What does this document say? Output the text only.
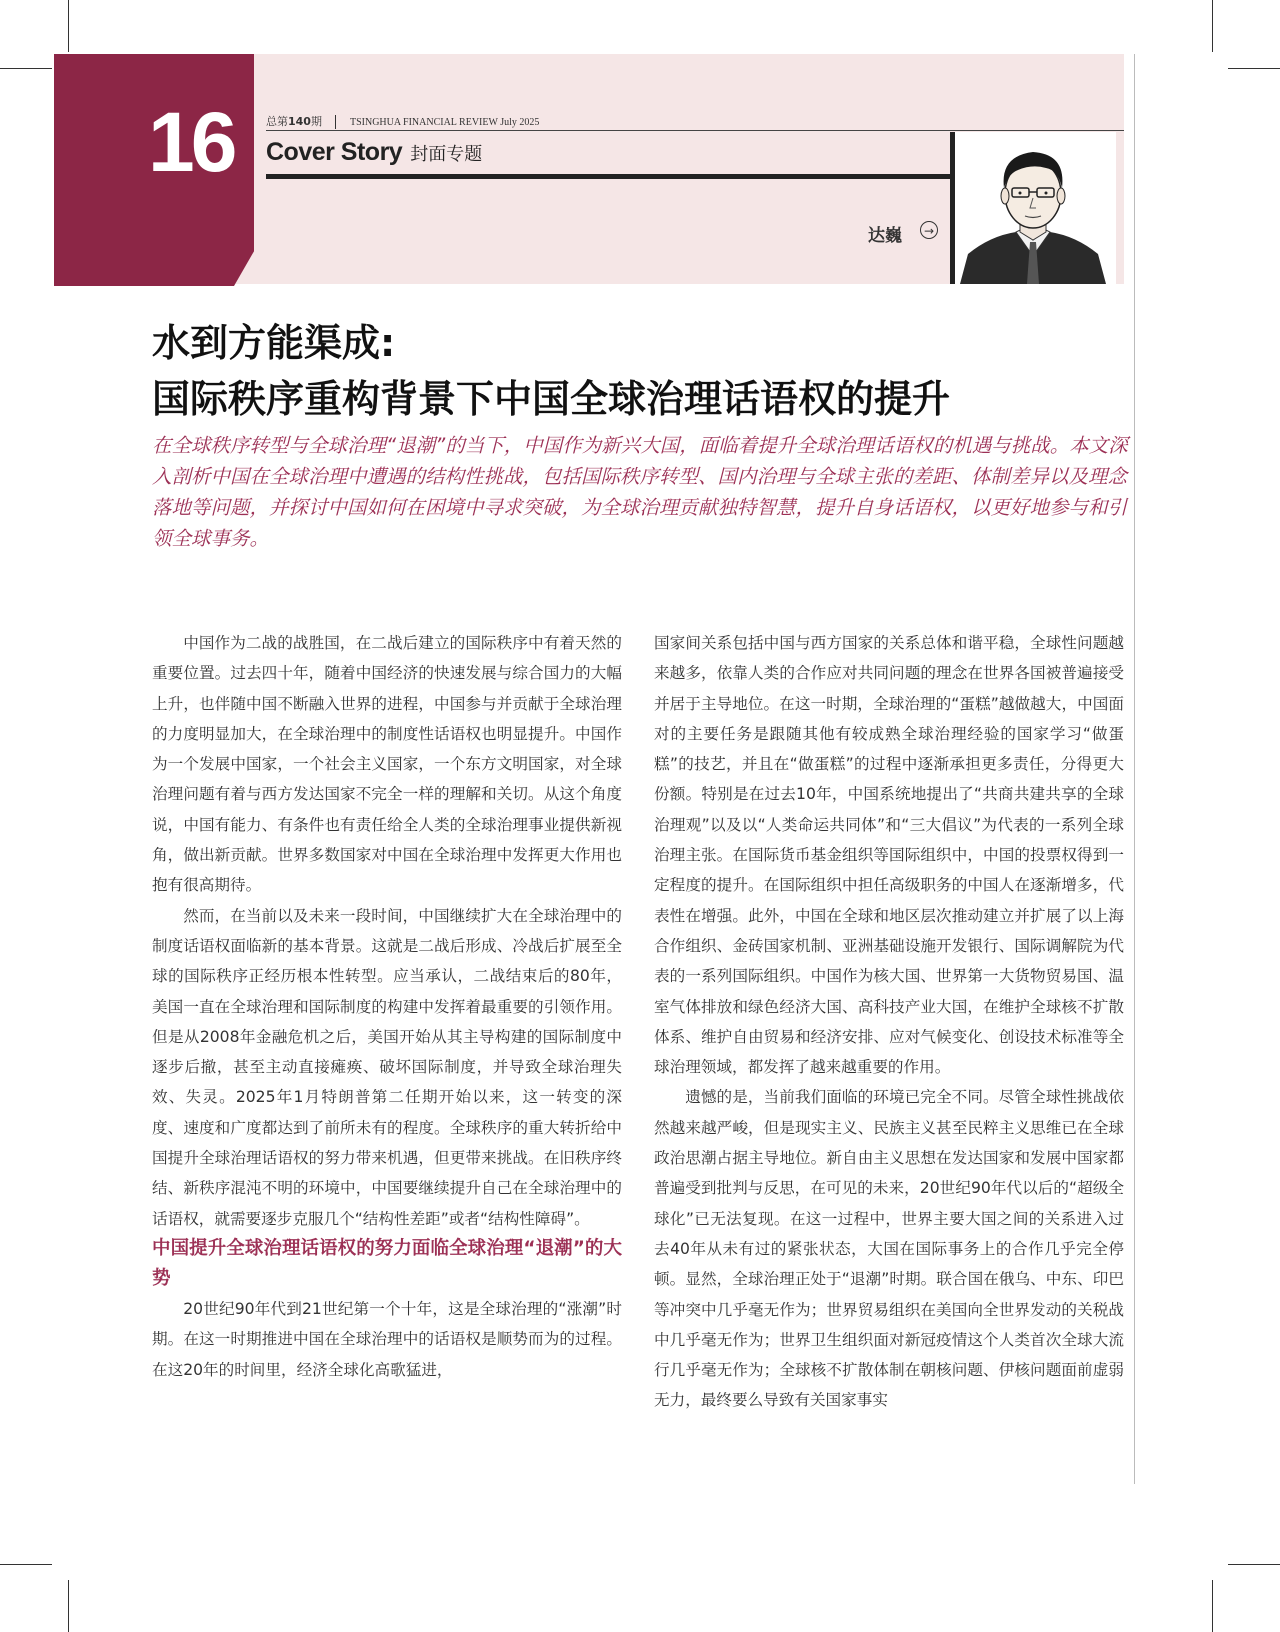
16	总第140期	TSINGHUA FINANCIAL REVIEW July 2025
Cover Story 封面专题
达巍	→
水到方能渠成:
国际秩序重构背景下中国全球治理话语权的提升
在全球秩序转型与全球治理“退潮”的当下，中国作为新兴大国，面临着提升全球治理话语权的机遇与挑战。本文深入剖析中国在全球治理中遭遇的结构性挑战，包括国际秩序转型、国内治理与全球主张的差距、体制差异以及理念落地等问题，并探讨中国如何在困境中寻求突破，为全球治理贡献独特智慧，提升自身话语权，以更好地参与和引领全球事务。

中国作为二战的战胜国，在二战后建立的国际秩序中有着天然的重要位置。过去四十年，随着中国经济的快速发展与综合国力的大幅上升，也伴随中国不断融入世界的进程，中国参与并贡献于全球治理的力度明显加大，在全球治理中的制度性话语权也明显提升。中国作为一个发展中国家，一个社会主义国家，一个东方文明国家，对全球治理问题有着与西方发达国家不完全一样的理解和关切。从这个角度说，中国有能力、有条件也有责任给全人类的全球治理事业提供新视角，做出新贡献。世界多数国家对中国在全球治理中发挥更大作用也抱有很高期待。

然而，在当前以及未来一段时间，中国继续扩大在全球治理中的制度话语权面临新的基本背景。这就是二战后形成、冷战后扩展至全球的国际秩序正经历根本性转型。应当承认，二战结束后的80年，美国一直在全球治理和国际制度的构建中发挥着最重要的引领作用。但是从2008年金融危机之后，美国开始从其主导构建的国际制度中逐步后撤，甚至主动直接瘫痪、破坏国际制度，并导致全球治理失效、失灵。2025年1月特朗普第二任期开始以来，这一转变的深度、速度和广度都达到了前所未有的程度。全球秩序的重大转折给中国提升全球治理话语权的努力带来机遇，但更带来挑战。在旧秩序终结、新秩序混沌不明的环境中，中国要继续提升自己在全球治理中的话语权，就需要逐步克服几个“结构性差距”或者“结构性障碍”。

中国提升全球治理话语权的努力面临全球治理“退潮”的大势

20世纪90年代到21世纪第一个十年，这是全球治理的“涨潮”时期。在这一时期推进中国在全球治理中的话语权是顺势而为的过程。在这20年的时间里，经济全球化高歌猛进，

国家间关系包括中国与西方国家的关系总体和谐平稳，全球性问题越来越多，依靠人类的合作应对共同问题的理念在世界各国被普遍接受并居于主导地位。在这一时期，全球治理的“蛋糕”越做越大，中国面对的主要任务是跟随其他有较成熟全球治理经验的国家学习“做蛋糕”的技艺，并且在“做蛋糕”的过程中逐渐承担更多责任，分得更大份额。特别是在过去10年，中国系统地提出了“共商共建共享的全球治理观”以及以“人类命运共同体”和“三大倡议”为代表的一系列全球治理主张。在国际货币基金组织等国际组织中，中国的投票权得到一定程度的提升。在国际组织中担任高级职务的中国人在逐渐增多，代表性在增强。此外，中国在全球和地区层次推动建立并扩展了以上海合作组织、金砖国家机制、亚洲基础设施开发银行、国际调解院为代表的一系列国际组织。中国作为核大国、世界第一大货物贸易国、温室气体排放和绿色经济大国、高科技产业大国，在维护全球核不扩散体系、维护自由贸易和经济安排、应对气候变化、创设技术标准等全球治理领域，都发挥了越来越重要的作用。

遗憾的是，当前我们面临的环境已完全不同。尽管全球性挑战依然越来越严峻，但是现实主义、民族主义甚至民粹主义思维已在全球政治思潮占据主导地位。新自由主义思想在发达国家和发展中国家都普遍受到批判与反思，在可见的未来，20世纪90年代以后的“超级全球化”已无法复现。在这一过程中，世界主要大国之间的关系进入过去40年从未有过的紧张状态，大国在国际事务上的合作几乎完全停顿。显然，全球治理正处于“退潮”时期。联合国在俄乌、中东、印巴等冲突中几乎毫无作为；世界贸易组织在美国向全世界发动的关税战中几乎毫无作为；世界卫生组织面对新冠疫情这个人类首次全球大流行几乎毫无作为；全球核不扩散体制在朝核问题、伊核问题面前虚弱无力，最终要么导致有关国家事实
